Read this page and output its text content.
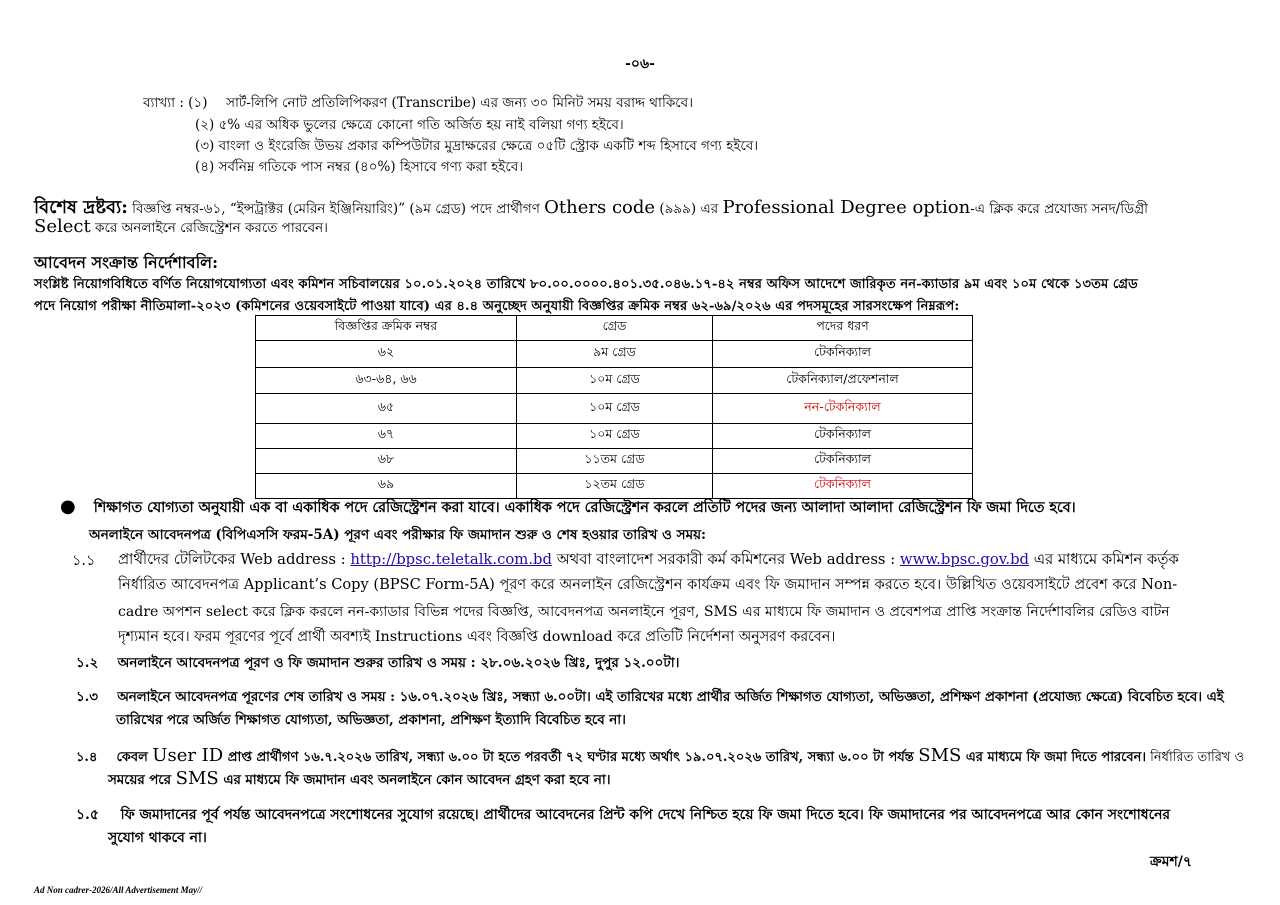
-০৬-
ব্যাখ্যা : (১) সার্ট-লিপি নোট প্রতিলিপিকরণ (Transcribe) এর জন্য ৩০ মিনিট সময় বরাদ্দ থাকিবে।
(২) ৫% এর অধিক ভুলের ক্ষেত্রে কোনো গতি অর্জিত হয় নাই বলিয়া গণ্য হইবে।
(৩) বাংলা ও ইংরেজি উভয় প্রকার কম্পিউটার মুদ্রাক্ষরের ক্ষেত্রে ০৫টি স্ট্রোক একটি শব্দ হিসাবে গণ্য হইবে।
(৪) সর্বনিম্ন গতিকে পাস নম্বর (৪০%) হিসাবে গণ্য করা হইবে।
বিশেষ দ্রষ্টব্য: বিজ্ঞপ্তি নম্বর-৬১, “ইন্সট্রাক্টর (মেরিন ইঞ্জিনিয়ারিং)” (৯ম গ্রেড) পদে প্রার্থীগণ Others code (৯৯৯) এর Professional Degree option-এ ক্লিক করে প্রযোজ্য সনদ/ডিগ্রী
Select করে অনলাইনে রেজিস্ট্রেশন করতে পারবেন।
আবেদন সংক্রান্ত নির্দেশাবলি:
সংশ্লিষ্ট নিয়োগবিধিতে বর্ণিত নিয়োগযোগ্যতা এবং কমিশন সচিবালয়ের ১০.০১.২০২৪ তারিখে ৮০.০০.০০০০.৪০১.৩৫.০৪৬.১৭-৪২ নম্বর অফিস আদেশে জারিকৃত নন-ক্যাডার ৯ম এবং ১০ম থেকে ১৩তম গ্রেড
পদে নিয়োগ পরীক্ষা নীতিমালা-২০২৩ (কমিশনের ওয়েবসাইটে পাওয়া যাবে) এর ৪.৪ অনুচ্ছেদ অনুযায়ী বিজ্ঞপ্তির ক্রমিক নম্বর ৬২-৬৯/২০২৬ এর পদসমূহের সারসংক্ষেপ নিম্নরূপ:
বিজ্ঞপ্তির ক্রমিক নম্বর	গ্রেড	পদের ধরণ
৬২	৯ম গ্রেড	টেকনিক্যাল
৬৩-৬৪, ৬৬	১০ম গ্রেড	টেকনিক্যাল/প্রফেশনাল
৬৫	১০ম গ্রেড	নন-টেকনিক্যাল
৬৭	১০ম গ্রেড	টেকনিক্যাল
৬৮	১১তম গ্রেড	টেকনিক্যাল
৬৯	১২তম গ্রেড	টেকনিক্যাল
● শিক্ষাগত যোগ্যতা অনুযায়ী এক বা একাধিক পদে রেজিস্ট্রেশন করা যাবে। একাধিক পদে রেজিস্ট্রেশন করলে প্রতিটি পদের জন্য আলাদা আলাদা রেজিস্ট্রেশন ফি জমা দিতে হবে।
অনলাইনে আবেদনপত্র (বিপিএসসি ফরম-5A) পূরণ এবং পরীক্ষার ফি জমাদান শুরু ও শেষ হওয়ার তারিখ ও সময়:
১.১ প্রার্থীদের টেলিটকের Web address : http://bpsc.teletalk.com.bd অথবা বাংলাদেশ সরকারী কর্ম কমিশনের Web address : www.bpsc.gov.bd এর মাধ্যমে কমিশন কর্তৃক
নির্ধারিত আবেদনপত্র Applicant’s Copy (BPSC Form-5A) পূরণ করে অনলাইন রেজিস্ট্রেশন কার্যক্রম এবং ফি জমাদান সম্পন্ন করতে হবে। উল্লিখিত ওয়েবসাইটে প্রবেশ করে Non-
cadre অপশন select করে ক্লিক করলে নন-ক্যাডার বিভিন্ন পদের বিজ্ঞপ্তি, আবেদনপত্র অনলাইনে পূরণ, SMS এর মাধ্যমে ফি জমাদান ও প্রবেশপত্র প্রাপ্তি সংক্রান্ত নির্দেশাবলির রেডিও বাটন
দৃশ্যমান হবে। ফরম পূরণের পূর্বে প্রার্থী অবশ্যই Instructions এবং বিজ্ঞপ্তি download করে প্রতিটি নির্দেশনা অনুসরণ করবেন।
১.২ অনলাইনে আবেদনপত্র পূরণ ও ফি জমাদান শুরুর তারিখ ও সময় : ২৮.০৬.২০২৬ খ্রিঃ, দুপুর ১২.০০টা।
১.৩ অনলাইনে আবেদনপত্র পূরণের শেষ তারিখ ও সময় : ১৬.০৭.২০২৬ খ্রিঃ, সন্ধ্যা ৬.০০টা। এই তারিখের মধ্যে প্রার্থীর অর্জিত শিক্ষাগত যোগ্যতা, অভিজ্ঞতা, প্রশিক্ষণ প্রকাশনা (প্রযোজ্য ক্ষেত্রে) বিবেচিত হবে। এই
তারিখের পরে অর্জিত শিক্ষাগত যোগ্যতা, অভিজ্ঞতা, প্রকাশনা, প্রশিক্ষণ ইত্যাদি বিবেচিত হবে না।
১.৪ কেবল User ID প্রাপ্ত প্রার্থীগণ ১৬.৭.২০২৬ তারিখ, সন্ধ্যা ৬.০০ টা হতে পরবর্তী ৭২ ঘণ্টার মধ্যে অর্থাৎ ১৯.০৭.২০২৬ তারিখ, সন্ধ্যা ৬.০০ টা পর্যন্ত SMS এর মাধ্যমে ফি জমা দিতে পারবেন। নির্ধারিত তারিখ ও
সময়ের পরে SMS এর মাধ্যমে ফি জমাদান এবং অনলাইনে কোন আবেদন গ্রহণ করা হবে না।
১.৫ ফি জমাদানের পূর্ব পর্যন্ত আবেদনপত্রে সংশোধনের সুযোগ রয়েছে। প্রার্থীদের আবেদনের প্রিন্ট কপি দেখে নিশ্চিত হয়ে ফি জমা দিতে হবে। ফি জমাদানের পর আবেদনপত্রে আর কোন সংশোধনের
সুযোগ থাকবে না।
ক্রমশ/৭
Ad Non cadrer-2026/All Advertisement May//
